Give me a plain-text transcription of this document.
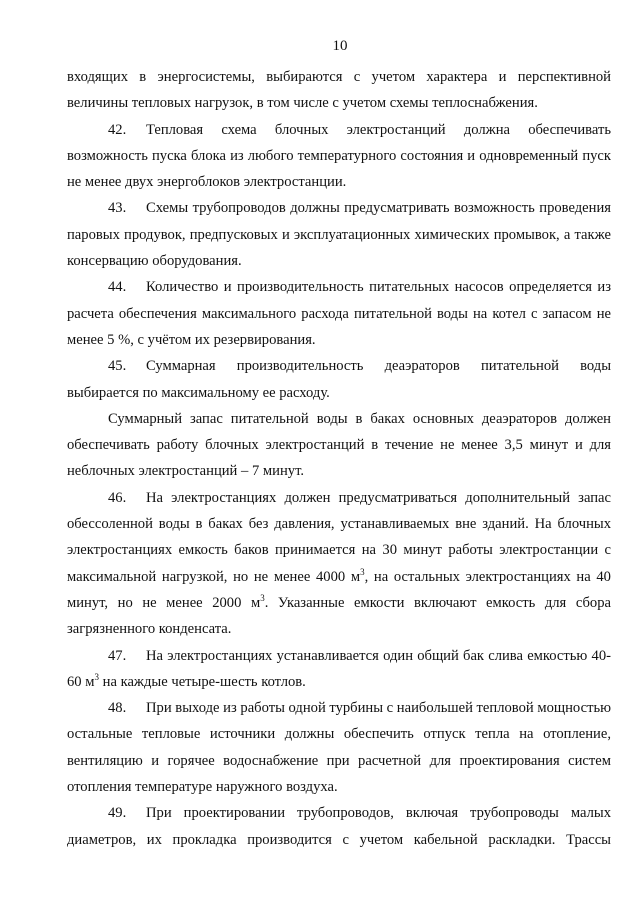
10

входящих в энергосистемы, выбираются с учетом характера и перспективной величины тепловых нагрузок, в том числе с учетом схемы теплоснабжения.

42. Тепловая схема блочных электростанций должна обеспечивать возможность пуска блока из любого температурного состояния и одновременный пуск не менее двух энергоблоков электростанции.

43. Схемы трубопроводов должны предусматривать возможность проведения паровых продувок, предпусковых и эксплуатационных химических промывок, а также консервацию оборудования.

44. Количество и производительность питательных насосов определяется из расчета обеспечения максимального расхода питательной воды на котел с запасом не менее 5 %, с учётом их резервирования.

45. Суммарная производительность деаэраторов питательной воды выбирается по максимальному ее расходу.

Суммарный запас питательной воды в баках основных деаэраторов должен обеспечивать работу блочных электростанций в течение не менее 3,5 минут и для неблочных электростанций – 7 минут.

46. На электростанциях должен предусматриваться дополнительный запас обессоленной воды в баках без давления, устанавливаемых вне зданий. На блочных электростанциях емкость баков принимается на 30 минут работы электростанции с максимальной нагрузкой, но не менее 4000 $м^3$, на остальных электростанциях на 40 минут, но не менее 2000 $м^3$. Указанные емкости включают емкость для сбора загрязненного конденсата.

47. На электростанциях устанавливается один общий бак слива емкостью 40-60 $м^3$ на каждые четыре-шесть котлов.

48. При выходе из работы одной турбины с наибольшей тепловой мощностью остальные тепловые источники должны обеспечить отпуск тепла на отопление, вентиляцию и горячее водоснабжение при расчетной для проектирования систем отопления температуре наружного воздуха.

49. При проектировании трубопроводов, включая трубопроводы малых диаметров, их прокладка производится с учетом кабельной раскладки. Трассы
